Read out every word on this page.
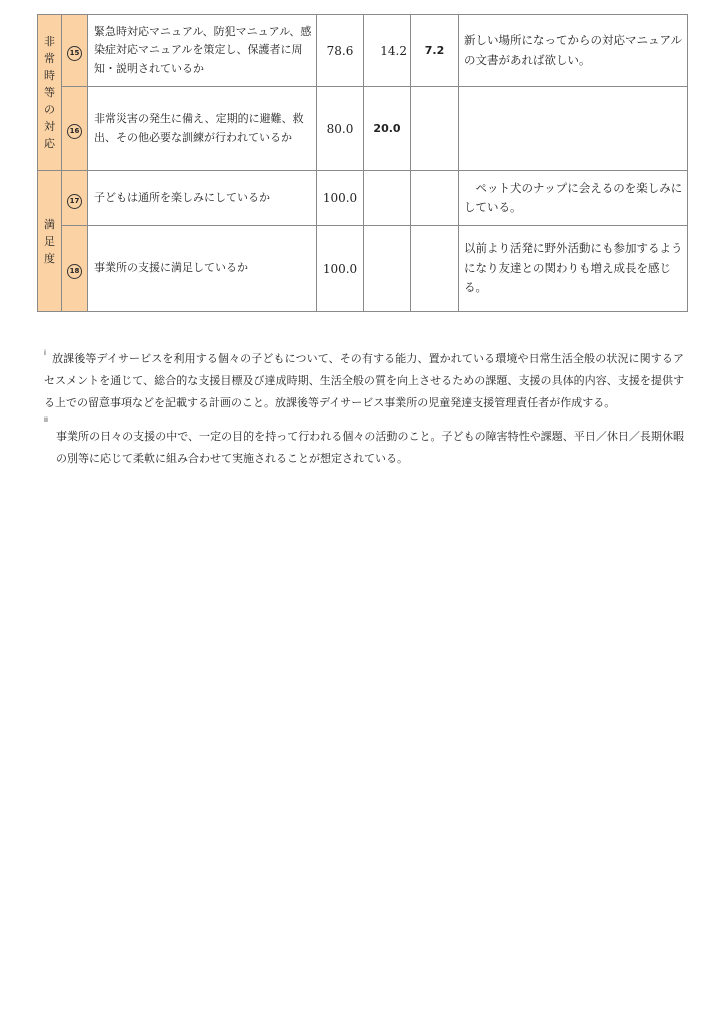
非常時等の対応	15	緊急時対応マニュアル、防犯マニュアル、感染症対応マニュアルを策定し、保護者に周知・説明されているか	78.6	14.2	7.2	新しい場所になってからの対応マニュアルの文書があれば欲しい。
	16	非常災害の発生に備え、定期的に避難、救出、その他必要な訓練が行われているか	80.0	20.0		
満足度	17	子どもは通所を楽しみにしているか	100.0			　ペット犬のナップに会えるのを楽しみにしている。
	18	事業所の支援に満足しているか	100.0			以前より活発に野外活動にも参加するようになり友達との関わりも増え成長を感じる。
$^i$ 放課後等デイサービスを利用する個々の子どもについて、その有する能力、置かれている環境や日常生活全般の状況に関するアセスメントを通じて、総合的な支援目標及び達成時期、生活全般の質を向上させるための課題、支援の具体的内容、支援を提供する上での留意事項などを記載する計画のこと。放課後等デイサービス事業所の児童発達支援管理責任者が作成する。
ii
事業所の日々の支援の中で、一定の目的を持って行われる個々の活動のこと。子どもの障害特性や課題、平日／休日／長期休暇の別等に応じて柔軟に組み合わせて実施されることが想定されている。
